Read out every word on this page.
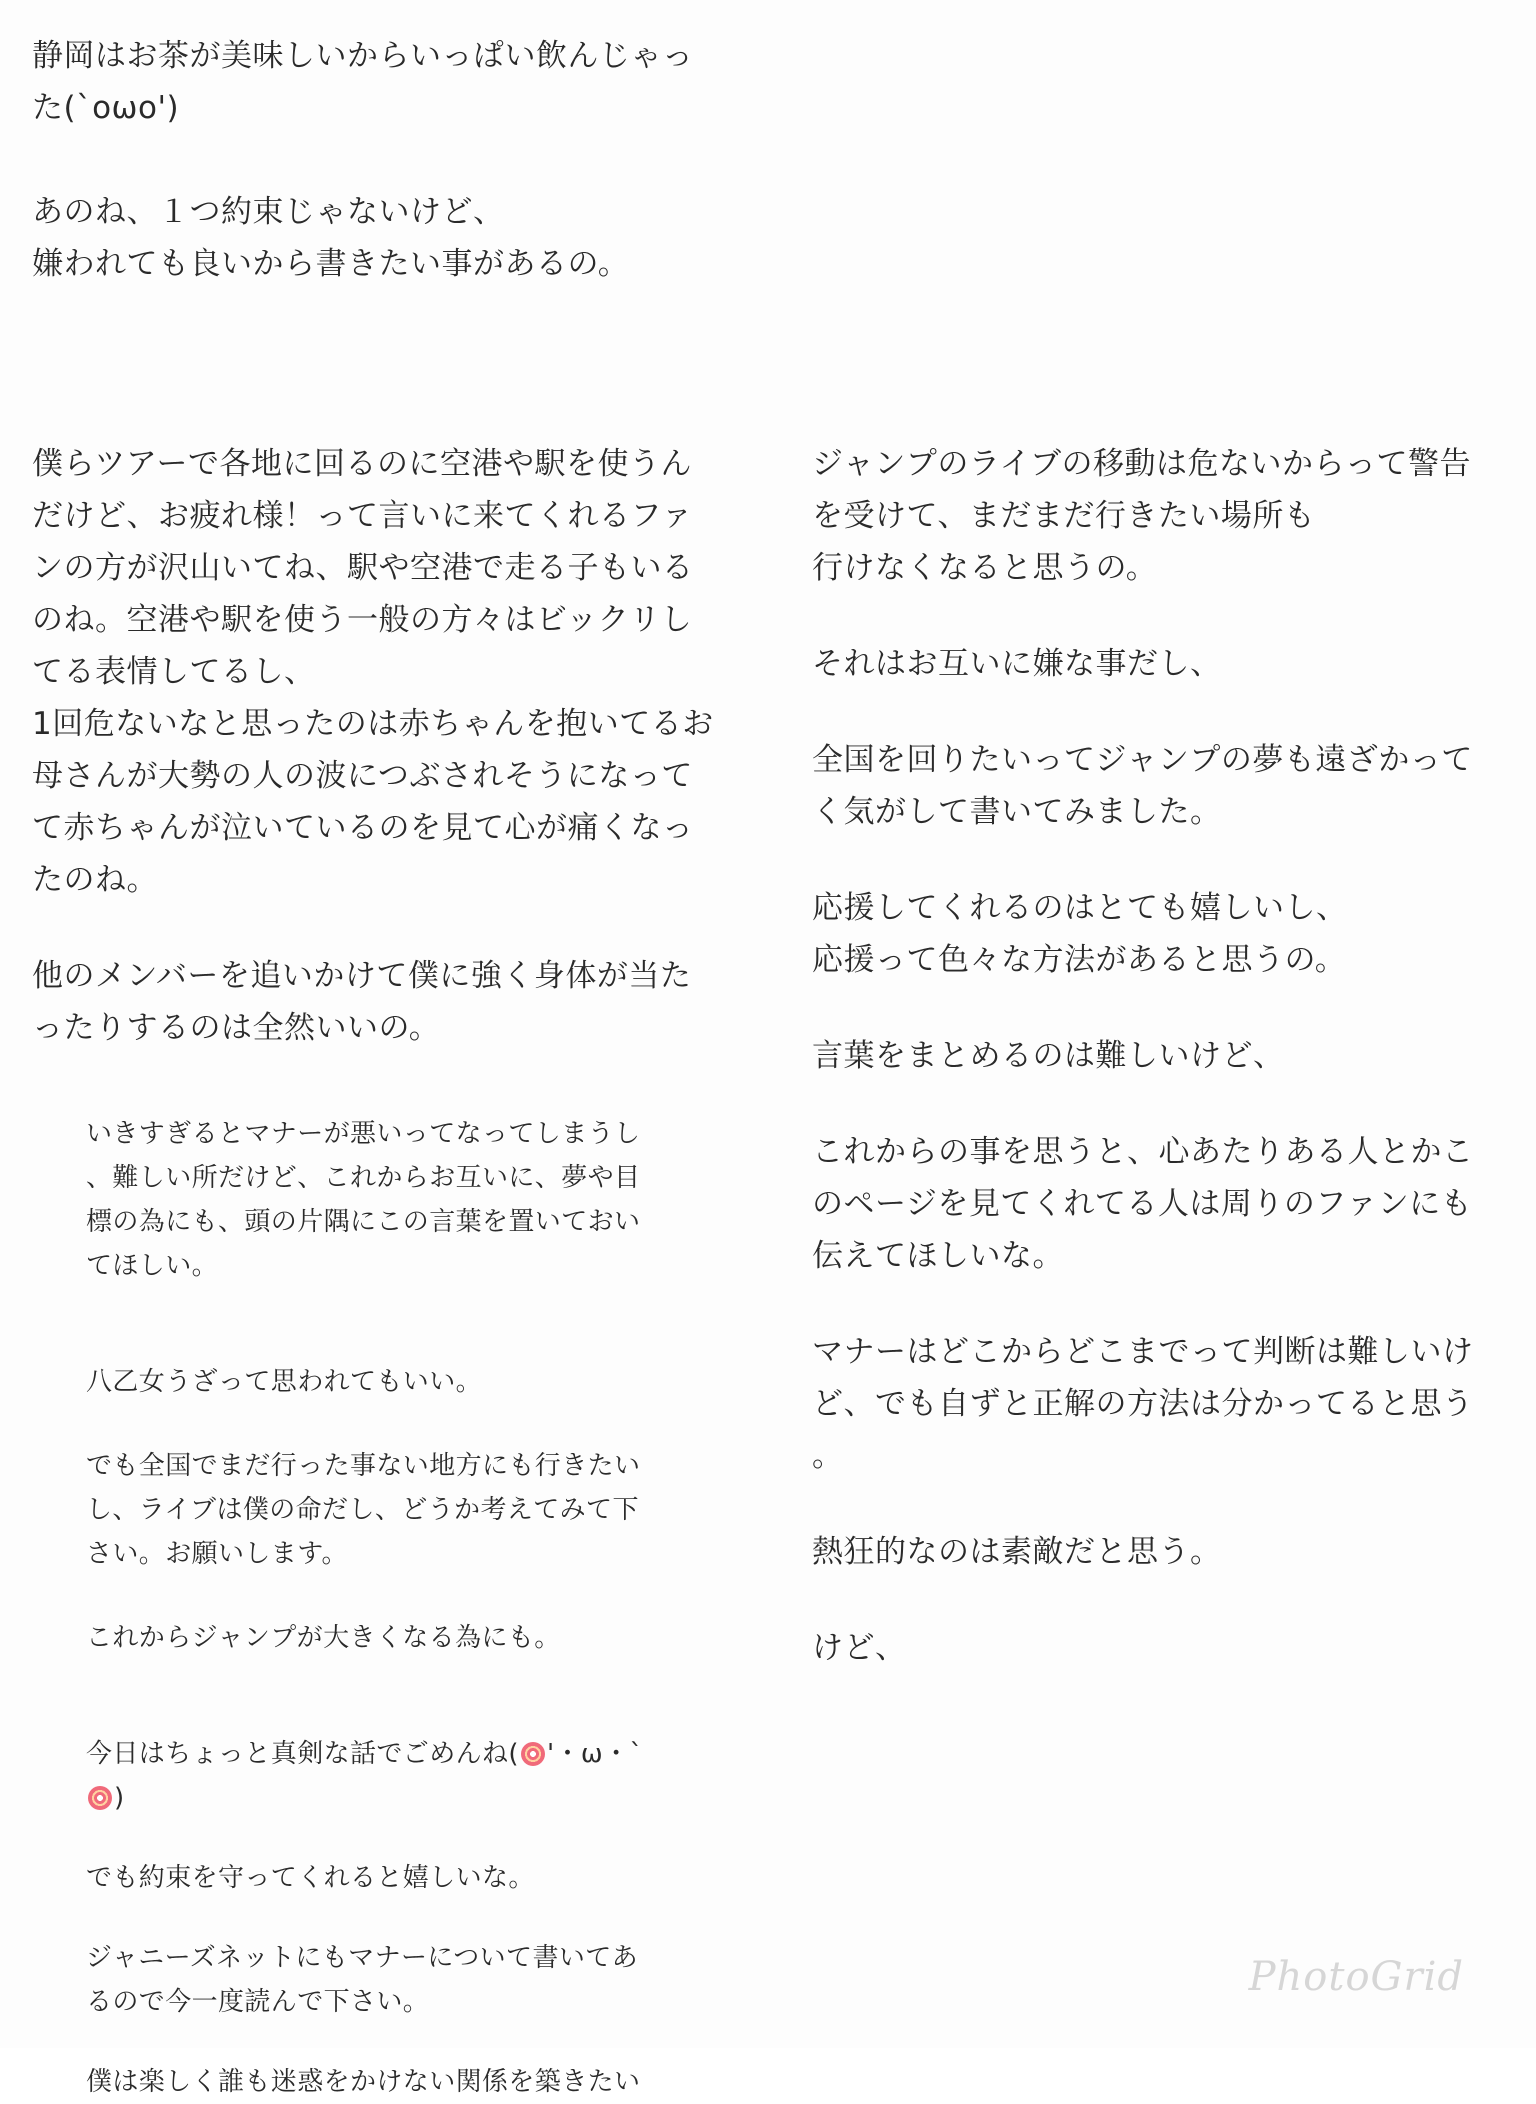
静岡はお茶が美味しいからいっぱい飲んじゃっ
た(`oωo')

あのね、１つ約束じゃないけど、
嫌われても良いから書きたい事があるの。

僕らツアーで各地に回るのに空港や駅を使うん
だけど、お疲れ様！って言いに来てくれるファ
ンの方が沢山いてね、駅や空港で走る子もいる
のね。空港や駅を使う一般の方々はビックリし
てる表情してるし、
1回危ないなと思ったのは赤ちゃんを抱いてるお
母さんが大勢の人の波につぶされそうになって
て赤ちゃんが泣いているのを見て心が痛くなっ
たのね。

他のメンバーを追いかけて僕に強く身体が当た
ったりするのは全然いいの。

いきすぎるとマナーが悪いってなってしまうし
、難しい所だけど、これからお互いに、夢や目
標の為にも、頭の片隅にこの言葉を置いておい
てほしい。

八乙女うざって思われてもいい。

でも全国でまだ行った事ない地方にも行きたい
し、ライブは僕の命だし、どうか考えてみて下
さい。お願いします。

これからジャンプが大きくなる為にも。

今日はちょっと真剣な話でごめんね( '・ω・`
)

でも約束を守ってくれると嬉しいな。

ジャニーズネットにもマナーについて書いてあ
るので今一度読んで下さい。

僕は楽しく誰も迷惑をかけない関係を築きたい

ジャンプのライブの移動は危ないからって警告
を受けて、まだまだ行きたい場所も
行けなくなると思うの。

それはお互いに嫌な事だし、

全国を回りたいってジャンプの夢も遠ざかって
く気がして書いてみました。

応援してくれるのはとても嬉しいし、
応援って色々な方法があると思うの。

言葉をまとめるのは難しいけど、

これからの事を思うと、心あたりある人とかこ
のページを見てくれてる人は周りのファンにも
伝えてほしいな。

マナーはどこからどこまでって判断は難しいけ
ど、でも自ずと正解の方法は分かってると思う
。

熱狂的なのは素敵だと思う。

けど、

PhotoGrid
